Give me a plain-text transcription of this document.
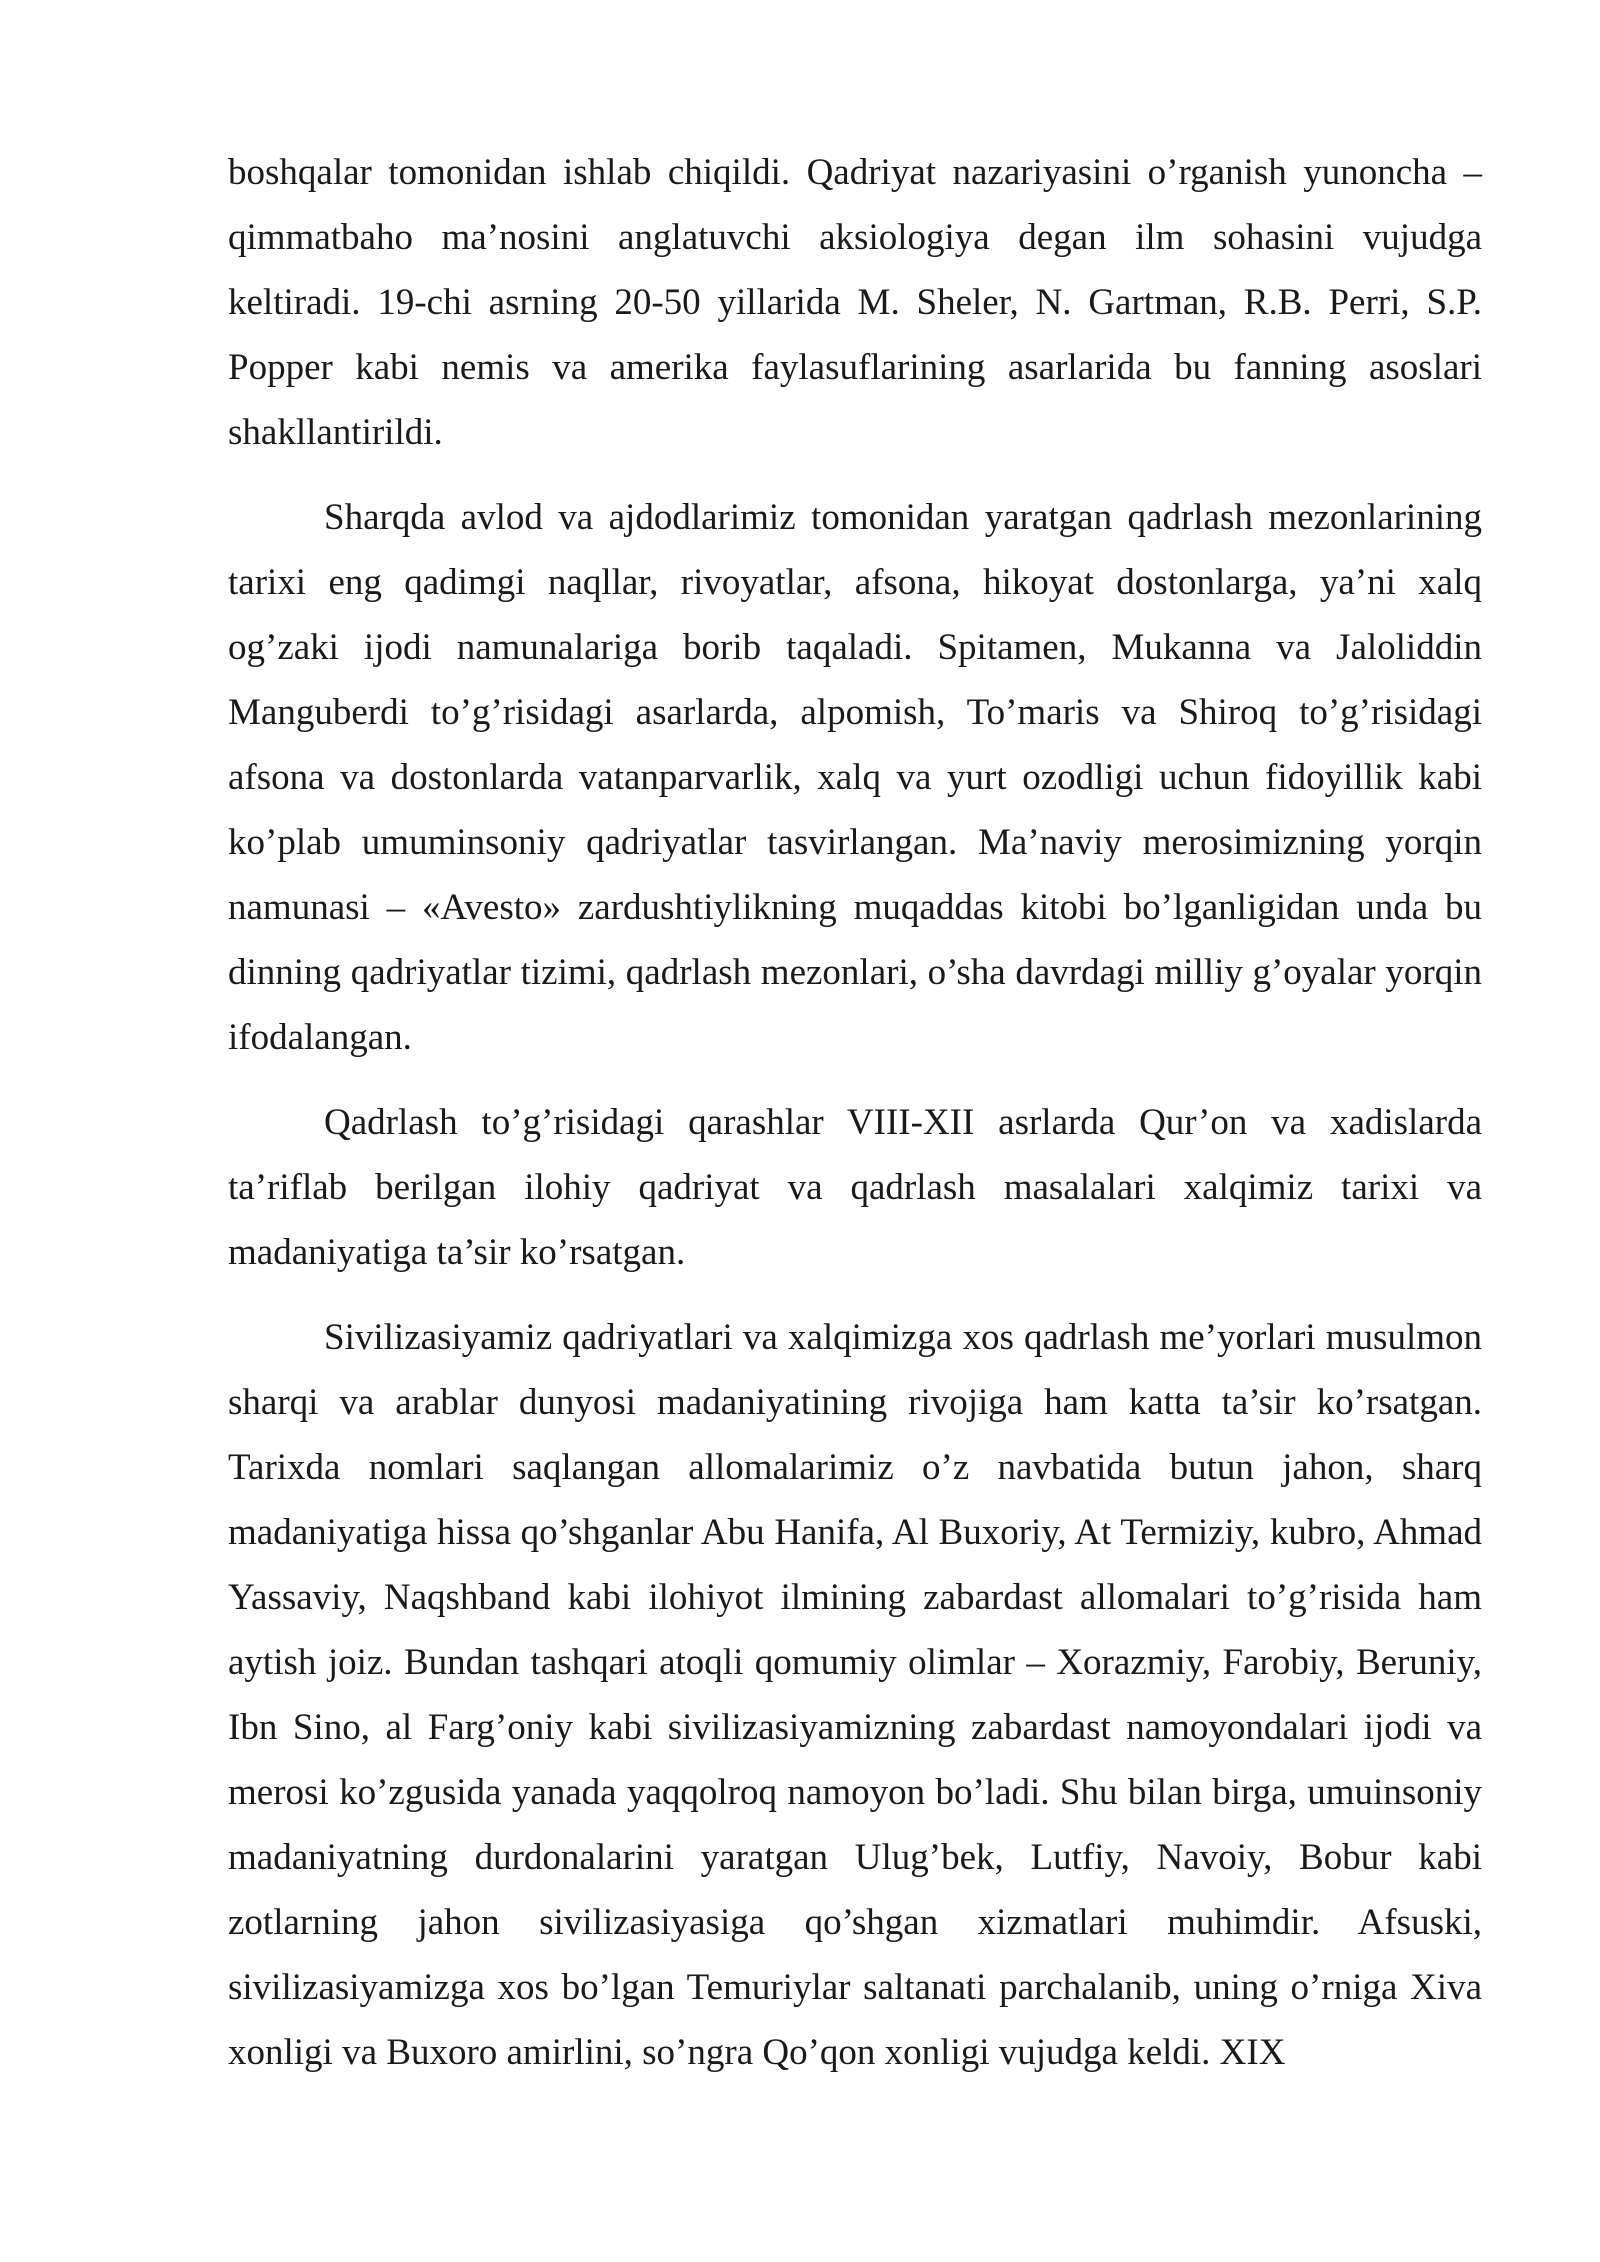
boshqalar tomonidan ishlab chiqildi. Qadriyat nazariyasini o’rganish yunoncha – qimmatbaho ma’nosini anglatuvchi aksiologiya degan ilm sohasini vujudga keltiradi. 19-chi asrning 20-50 yillarida M. Sheler, N. Gartman, R.B. Perri, S.P. Popper kabi nemis va amerika faylasuflarining asarlarida bu fanning asoslari shakllantirildi.

Sharqda avlod va ajdodlarimiz tomonidan yaratgan qadrlash mezonlarining tarixi eng qadimgi naqllar, rivoyatlar, afsona, hikoyat dostonlarga, ya’ni xalq og’zaki ijodi namunalariga borib taqaladi. Spitamen, Mukanna va Jaloliddin Manguberdi to’g’risidagi asarlarda, alpomish, To’maris va Shiroq to’g’risidagi afsona va dostonlarda vatanparvarlik, xalq va yurt ozodligi uchun fidoyillik kabi ko’plab umuminsoniy qadriyatlar tasvirlangan. Ma’naviy merosimizning yorqin namunasi – «Avesto» zardushtiylikning muqaddas kitobi bo’lganligidan unda bu dinning qadriyatlar tizimi, qadrlash mezonlari, o’sha davrdagi milliy g’oyalar yorqin ifodalangan.

Qadrlash to’g’risidagi qarashlar VIII-XII asrlarda Qur’on va xadislarda ta’riflab berilgan ilohiy qadriyat va qadrlash masalalari xalqimiz tarixi va madaniyatiga ta’sir ko’rsatgan.

Sivilizasiyamiz qadriyatlari va xalqimizga xos qadrlash me’yorlari musulmon sharqi va arablar dunyosi madaniyatining rivojiga ham katta ta’sir ko’rsatgan. Tarixda nomlari saqlangan allomalarimiz o’z navbatida butun jahon, sharq madaniyatiga hissa qo’shganlar Abu Hanifa, Al Buxoriy, At Termiziy, kubro, Ahmad Yassaviy, Naqshband kabi ilohiyot ilmining zabardast allomalari to’g’risida ham aytish joiz. Bundan tashqari atoqli qomumiy olimlar – Xorazmiy, Farobiy, Beruniy, Ibn Sino, al Farg’oniy kabi sivilizasiyamizning zabardast namoyondalari ijodi va merosi ko’zgusida yanada yaqqolroq namoyon bo’ladi. Shu bilan birga, umuinsoniy madaniyatning durdonalarini yaratgan Ulug’bek, Lutfiy, Navoiy, Bobur kabi zotlarning jahon sivilizasiyasiga qo’shgan xizmatlari muhimdir. Afsuski, sivilizasiyamizga xos bo’lgan Temuriylar saltanati parchalanib, uning o’rniga Xiva xonligi va Buxoro amirlini, so’ngra Qo’qon xonligi vujudga keldi. XIX
